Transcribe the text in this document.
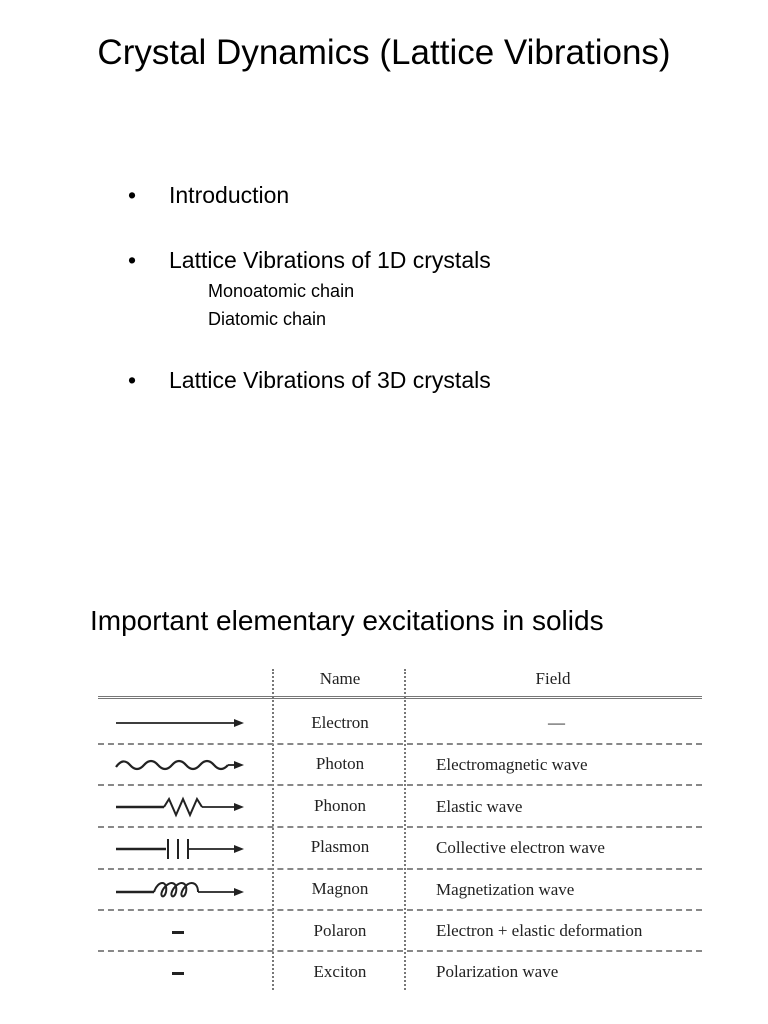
Crystal Dynamics (Lattice Vibrations)
• Introduction
• Lattice Vibrations of 1D crystals
Monoatomic chain
Diatomic chain
• Lattice Vibrations of 3D crystals
Important elementary excitations in solids
Name	Field
Electron	—
Photon	Electromagnetic wave
Phonon	Elastic wave
Plasmon	Collective electron wave
Magnon	Magnetization wave
Polaron	Electron + elastic deformation
Exciton	Polarization wave
